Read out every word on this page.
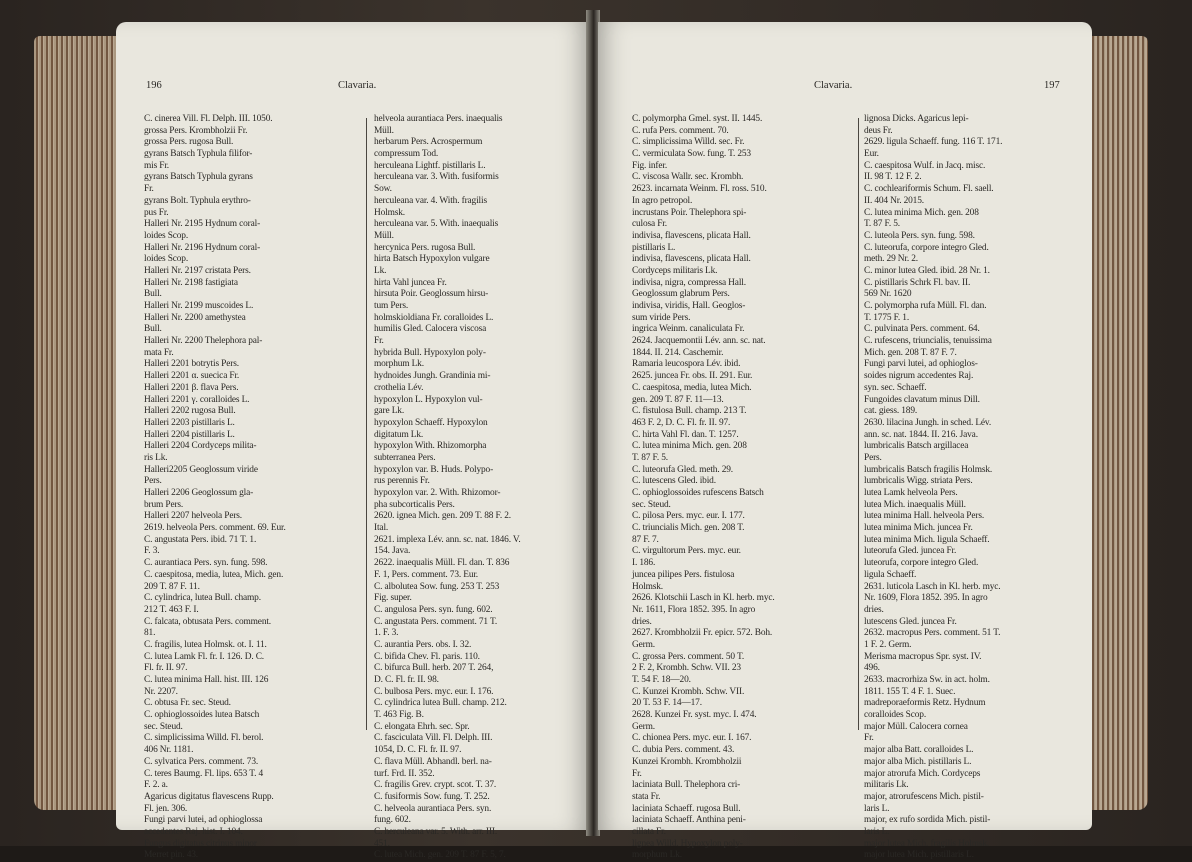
196	Clavaria.
C. cinerea Vill. Fl. Delph. III. 1050.
grossa Pers. Krombholzii Fr.
grossa Pers. rugosa Bull.
gyrans Batsch Typhula filifor-
mis Fr.
gyrans Batsch Typhula gyrans
Fr.
gyrans Bolt. Typhula erythro-
pus Fr.
Halleri Nr. 2195 Hydnum coral-
loides Scop.
Halleri Nr. 2196 Hydnum coral-
loides Scop.
Halleri Nr. 2197 cristata Pers.
Halleri Nr. 2198 fastigiata
Bull.
Halleri Nr. 2199 muscoides L.
Halleri Nr. 2200 amethystea
Bull.
Halleri Nr. 2200 Thelephora pal-
mata Fr.
Halleri 2201 botrytis Pers.
Halleri 2201 α. suecica Fr.
Halleri 2201 β. flava Pers.
Halleri 2201 γ. coralloides L.
Halleri 2202 rugosa Bull.
Halleri 2203 pistillaris L.
Halleri 2204 pistillaris L.
Halleri 2204 Cordyceps milita-
ris Lk.
Halleri2205 Geoglossum viride
Pers.
Halleri 2206 Geoglossum gla-
brum Pers.
Halleri 2207 helveola Pers.
2619. helveola Pers. comment. 69. Eur.
C. angustata Pers. ibid. 71 T. 1.
F. 3.
C. aurantiaca Pers. syn. fung. 598.
C. caespitosa, media, lutea, Mich. gen.
209 T. 87 F. 11.
C. cylindrica, lutea Bull. champ.
212 T. 463 F. I.
C. falcata, obtusata Pers. comment.
81.
C. fragilis, lutea Holmsk. ot. I. 11.
C. lutea Lamk Fl. fr. I. 126. D. C.
Fl. fr. II. 97.
C. lutea minima Hall. hist. III. 126
Nr. 2207.
C. obtusa Fr. sec. Steud.
C. ophioglossoides lutea Batsch
sec. Steud.
C. simplicissima Willd. Fl. berol.
406 Nr. 1181.
C. sylvatica Pers. comment. 73.
C. teres Baumg. Fl. lips. 653 T. 4
F. 2. a.
Agaricus digitatus flavescens Rupp.
Fl. jen. 306.
Fungi parvi lutei, ad ophioglossa
accedentes Raj. hist. I. 104.
Fungus digitatus citrinus minor
Merret pin. 43.
helveola aurantiaca Pers. inaequalis
Müll.
herbarum Pers. Acrospermum
compressum Tod.
herculeana Lightf. pistillaris L.
herculeana var. 3. With. fusiformis
Sow.
herculeana var. 4. With. fragilis
Holmsk.
herculeana var. 5. With. inaequalis
Müll.
hercynica Pers. rugosa Bull.
hirta Batsch Hypoxylon vulgare
Lk.
hirta Vahl juncea Fr.
hirsuta Poir. Geoglossum hirsu-
tum Pers.
holmskioldiana Fr. coralloides L.
humilis Gled. Calocera viscosa
Fr.
hybrida Bull. Hypoxylon poly-
morphum Lk.
hydnoides Jungh. Grandinia mi-
crothelia Lév.
hypoxylon L. Hypoxylon vul-
gare Lk.
hypoxylon Schaeff. Hypoxylon
digitatum Lk.
hypoxylon With. Rhizomorpha
subterranea Pers.
hypoxylon var. B. Huds. Polypo-
rus perennis Fr.
hypoxylon var. 2. With. Rhizomor-
pha subcorticalis Pers.
2620. ignea Mich. gen. 209 T. 88 F. 2.
Ital.
2621. implexa Lév. ann. sc. nat. 1846. V.
154. Java.
2622. inaequalis Müll. Fl. dan. T. 836
F. 1, Pers. comment. 73. Eur.
C. albolutea Sow. fung. 253 T. 253
Fig. super.
C. angulosa Pers. syn. fung. 602.
C. angustata Pers. comment. 71 T.
1. F. 3.
C. aurantia Pers. obs. I. 32.
C. bifida Chev. Fl. paris. 110.
C. bifurca Bull. herb. 207 T. 264,
D. C. Fl. fr. II. 98.
C. bulbosa Pers. myc. eur. I. 176.
C. cylindrica lutea Bull. champ. 212.
T. 463 Fig. B.
C. elongata Ehrh. sec. Spr.
C. fasciculata Vill. Fl. Delph. III.
1054, D. C. Fl. fr. II. 97.
C. flava Müll. Abhandl. berl. na-
turf. Frd. II. 352.
C. fragilis Grev. crypt. scot. T. 37.
C. fusiformis Sow. fung. T. 252.
C. helveola aurantiaca Pers. syn.
fung. 602.
C. herculeana var. 5. With. arr. III.
451.
C. lutea Mich. gen. 209 T. 87 F. 5, 7.
Clavaria.	197
C. polymorpha Gmel. syst. II. 1445.
C. rufa Pers. comment. 70.
C. simplicissima Willd. sec. Fr.
C. vermiculata Sow. fung. T. 253
Fig. infer.
C. viscosa Wallr. sec. Krombh.
2623. incarnata Weinm. Fl. ross. 510.
In agro petropol.
incrustans Poir. Thelephora spi-
culosa Fr.
indivisa, flavescens, plicata Hall.
pistillaris L.
indivisa, flavescens, plicata Hall.
Cordyceps militaris Lk.
indivisa, nigra, compressa Hall.
Geoglossum glabrum Pers.
indivisa, viridis, Hall. Geoglos-
sum viride Pers.
ingrica Weinm. canaliculata Fr.
2624. Jacquemontii Lév. ann. sc. nat.
1844. II. 214. Caschemir.
Ramaria leucospora Lév. ibid.
2625. juncea Fr. obs. II. 291. Eur.
C. caespitosa, media, lutea Mich.
gen. 209 T. 87 F. 11—13.
C. fistulosa Bull. champ. 213 T.
463 F. 2, D. C. Fl. fr. II. 97.
C. hirta Vahl Fl. dan. T. 1257.
C. lutea minima Mich. gen. 208
T. 87 F. 5.
C. luteorufa Gled. meth. 29.
C. lutescens Gled. ibid.
C. ophioglossoides rufescens Batsch
sec. Steud.
C. pilosa Pers. myc. eur. I. 177.
C. triuncialis Mich. gen. 208 T.
87 F. 7.
C. virgultorum Pers. myc. eur.
I. 186.
juncea pilipes Pers. fistulosa
Holmsk.
2626. Klotschii Lasch in Kl. herb. myc.
Nr. 1611, Flora 1852. 395. In agro
dries.
2627. Krombholzii Fr. epicr. 572. Boh.
Germ.
C. grossa Pers. comment. 50 T.
2 F. 2, Krombh. Schw. VII. 23
T. 54 F. 18—20.
C. Kunzei Krombh. Schw. VII.
20 T. 53 F. 14—17.
2628. Kunzei Fr. syst. myc. I. 474.
Germ.
C. chionea Pers. myc. eur. I. 167.
C. dubia Pers. comment. 43.
Kunzei Krombh. Krombholzii
Fr.
laciniata Bull. Thelephora cri-
stata Fr.
laciniata Schaeff. rugosa Bull.
laciniata Schaeff. Anthina peni-
cillata Fr.
lignea Willd. Hypoxylon poly-
morphum Lk.
lignosa Dicks. Agaricus lepi-
deus Fr.
2629. ligula Schaeff. fung. 116 T. 171.
Eur.
C. caespitosa Wulf. in Jacq. misc.
II. 98 T. 12 F. 2.
C. cochleariformis Schum. Fl. saell.
II. 404 Nr. 2015.
C. lutea minima Mich. gen. 208
T. 87 F. 5.
C. luteola Pers. syn. fung. 598.
C. luteorufa, corpore integro Gled.
meth. 29 Nr. 2.
C. minor lutea Gled. ibid. 28 Nr. 1.
C. pistillaris Schrk Fl. bav. II.
569 Nr. 1620
C. polymorpha rufa Müll. Fl. dan.
T. 1775 F. 1.
C. pulvinata Pers. comment. 64.
C. rufescens, triuncialis, tenuissima
Mich. gen. 208 T. 87 F. 7.
Fungi parvi lutei, ad ophioglos-
soides nigrum accedentes Raj.
syn. sec. Schaeff.
Fungoides clavatum minus Dill.
cat. giess. 189.
2630. lilacina Jungh. in sched. Lév.
ann. sc. nat. 1844. II. 216. Java.
lumbricalis Batsch argillacea
Pers.
lumbricalis Batsch fragilis Holmsk.
lumbricalis Wigg. striata Pers.
lutea Lamk helveola Pers.
lutea Mich. inaequalis Müll.
lutea minima Hall. helveola Pers.
lutea minima Mich. juncea Fr.
lutea minima Mich. ligula Schaeff.
luteorufa Gled. juncea Fr.
luteorufa, corpore integro Gled.
ligula Schaeff.
2631. luticola Lasch in Kl. herb. myc.
Nr. 1609, Flora 1852. 395. In agro
dries.
lutescens Gled. juncea Fr.
2632. macropus Pers. comment. 51 T.
1 F. 2. Germ.
Merisma macropus Spr. syst. IV.
496.
2633. macrorhiza Sw. in act. holm.
1811. 155 T. 4 F. 1. Suec.
madreporaeformis Retz. Hydnum
coralloides Scop.
major Müll. Calocera cornea
Fr.
major alba Batt. coralloides L.
major alba Mich. pistillaris L.
major atrorufa Mich. Cordyceps
militaris Lk.
major, atrorufescens Mich. pistil-
laris L.
major, ex rufo sordida Mich. pistil-
laris L.
major lutea Mich. fragilis Holmsk.
major lutea Mich. pistillaris L.
